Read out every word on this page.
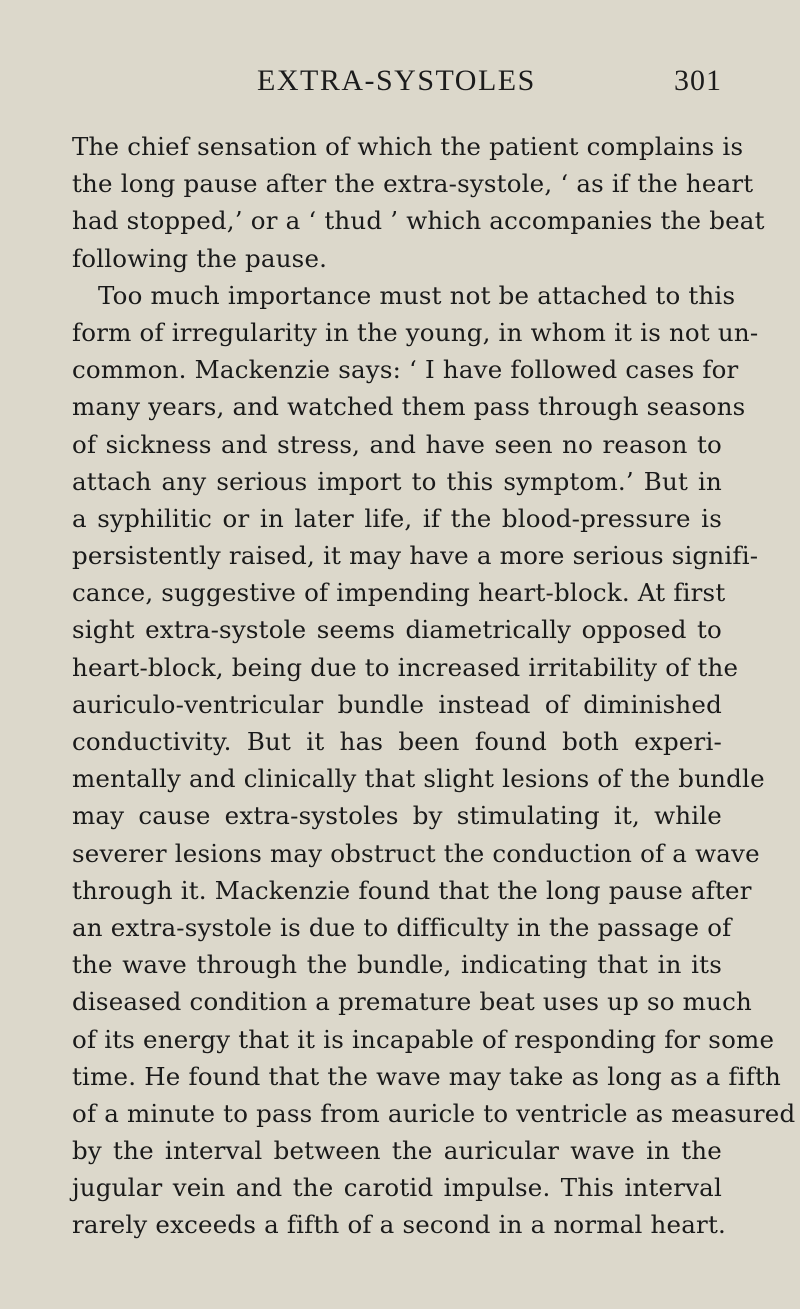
EXTRA-SYSTOLES	301
The chief sensation of which the patient complains is
the long pause after the extra-systole, ‘ as if the heart
had stopped,’ or a ‘ thud ’ which accompanies the beat
following the pause.
Too much importance must not be attached to this
form of irregularity in the young, in whom it is not un-
common. Mackenzie says: ‘ I have followed cases for
many years, and watched them pass through seasons
of sickness and stress, and have seen no reason to
attach any serious import to this symptom.’ But in
a syphilitic or in later life, if the blood-pressure is
persistently raised, it may have a more serious signifi-
cance, suggestive of impending heart-block. At first
sight extra-systole seems diametrically opposed to
heart-block, being due to increased irritability of the
auriculo-ventricular bundle instead of diminished
conductivity. But it has been found both experi-
mentally and clinically that slight lesions of the bundle
may cause extra-systoles by stimulating it, while
severer lesions may obstruct the conduction of a wave
through it. Mackenzie found that the long pause after
an extra-systole is due to difficulty in the passage of
the wave through the bundle, indicating that in its
diseased condition a premature beat uses up so much
of its energy that it is incapable of responding for some
time. He found that the wave may take as long as a fifth
of a minute to pass from auricle to ventricle as measured
by the interval between the auricular wave in the
jugular vein and the carotid impulse. This interval
rarely exceeds a fifth of a second in a normal heart.
